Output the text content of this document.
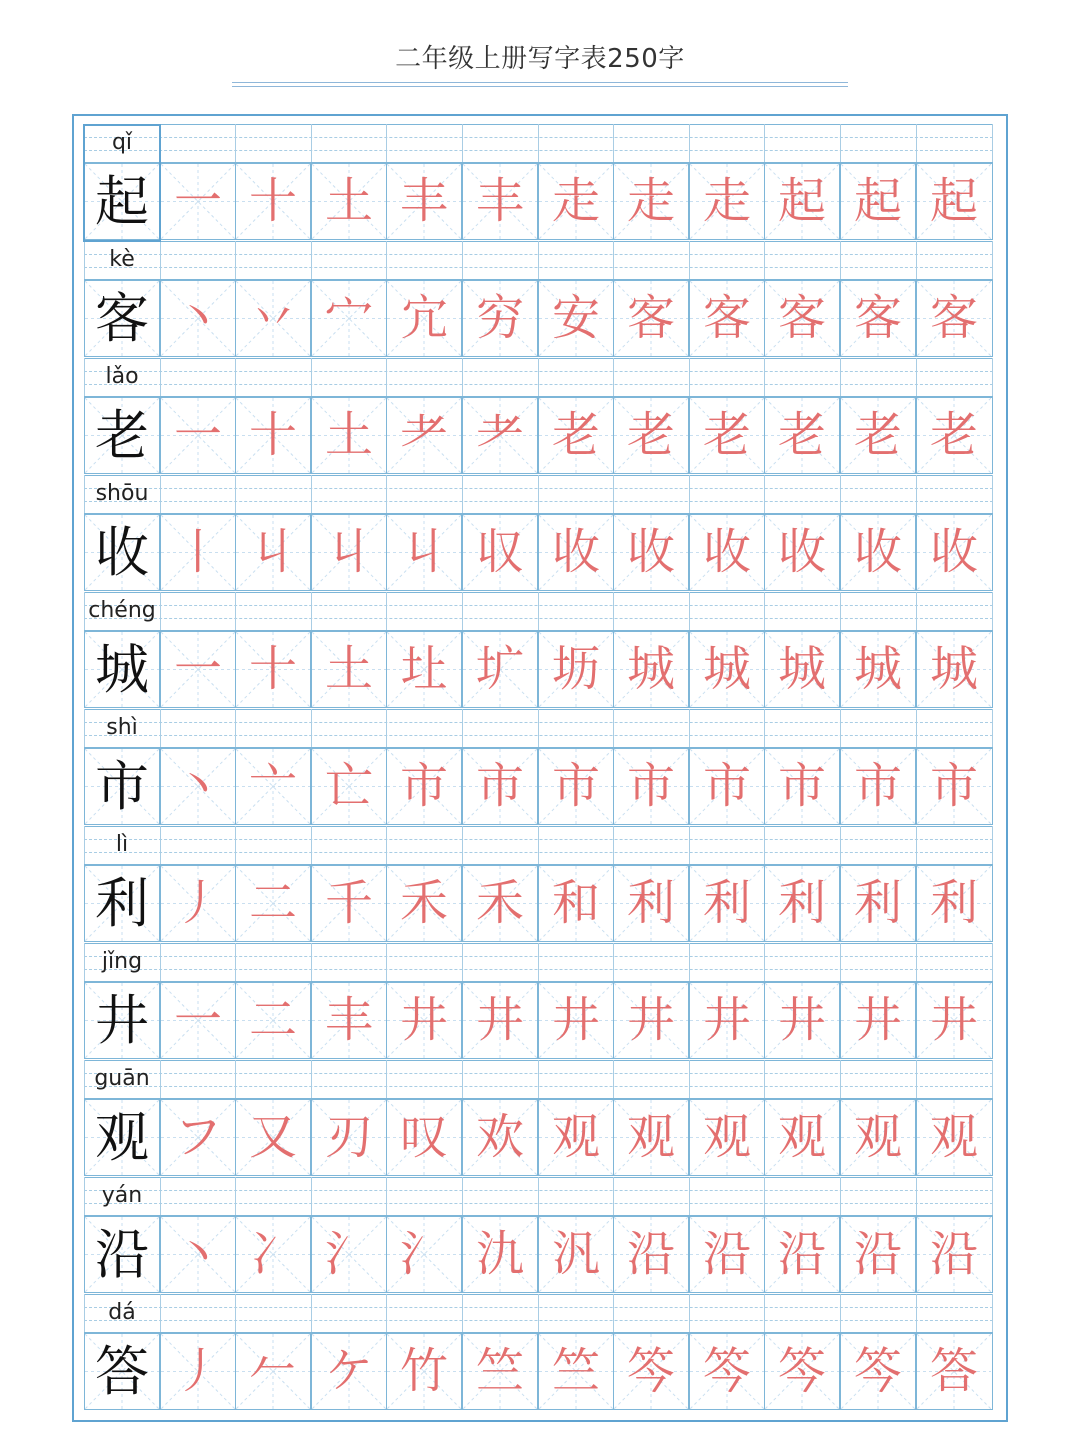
二年级上册写字表250字
qǐ
起 一 十 土 丰 丰 走 走 走 起 起 起
kè
客 丶 丷 宀 宂 穷 安 客 客 客 客 客
lǎo
老 一 十 土 耂 耂 老 老 老 老 老 老
shōu
收 丨 丩 丩 丩 収 收 收 收 收 收 收
chéng
城 一 十 土 圵 圹 坜 城 城 城 城 城
shì
市 丶 亠 亡 市 市 市 市 市 市 市 市
lì
利 丿 二 千 禾 禾 和 利 利 利 利 利
jǐng
井 一 二 丰 井 井 井 井 井 井 井 井
guān
观 フ 又 刃 叹 欢 观 观 观 观 观 观
yán
沿 丶 冫 氵 氵 氿 汎 沿 沿 沿 沿 沿
dá
答 丿 𠂉 ケ 竹 竺 竺 笒 笒 笒 笒 答
